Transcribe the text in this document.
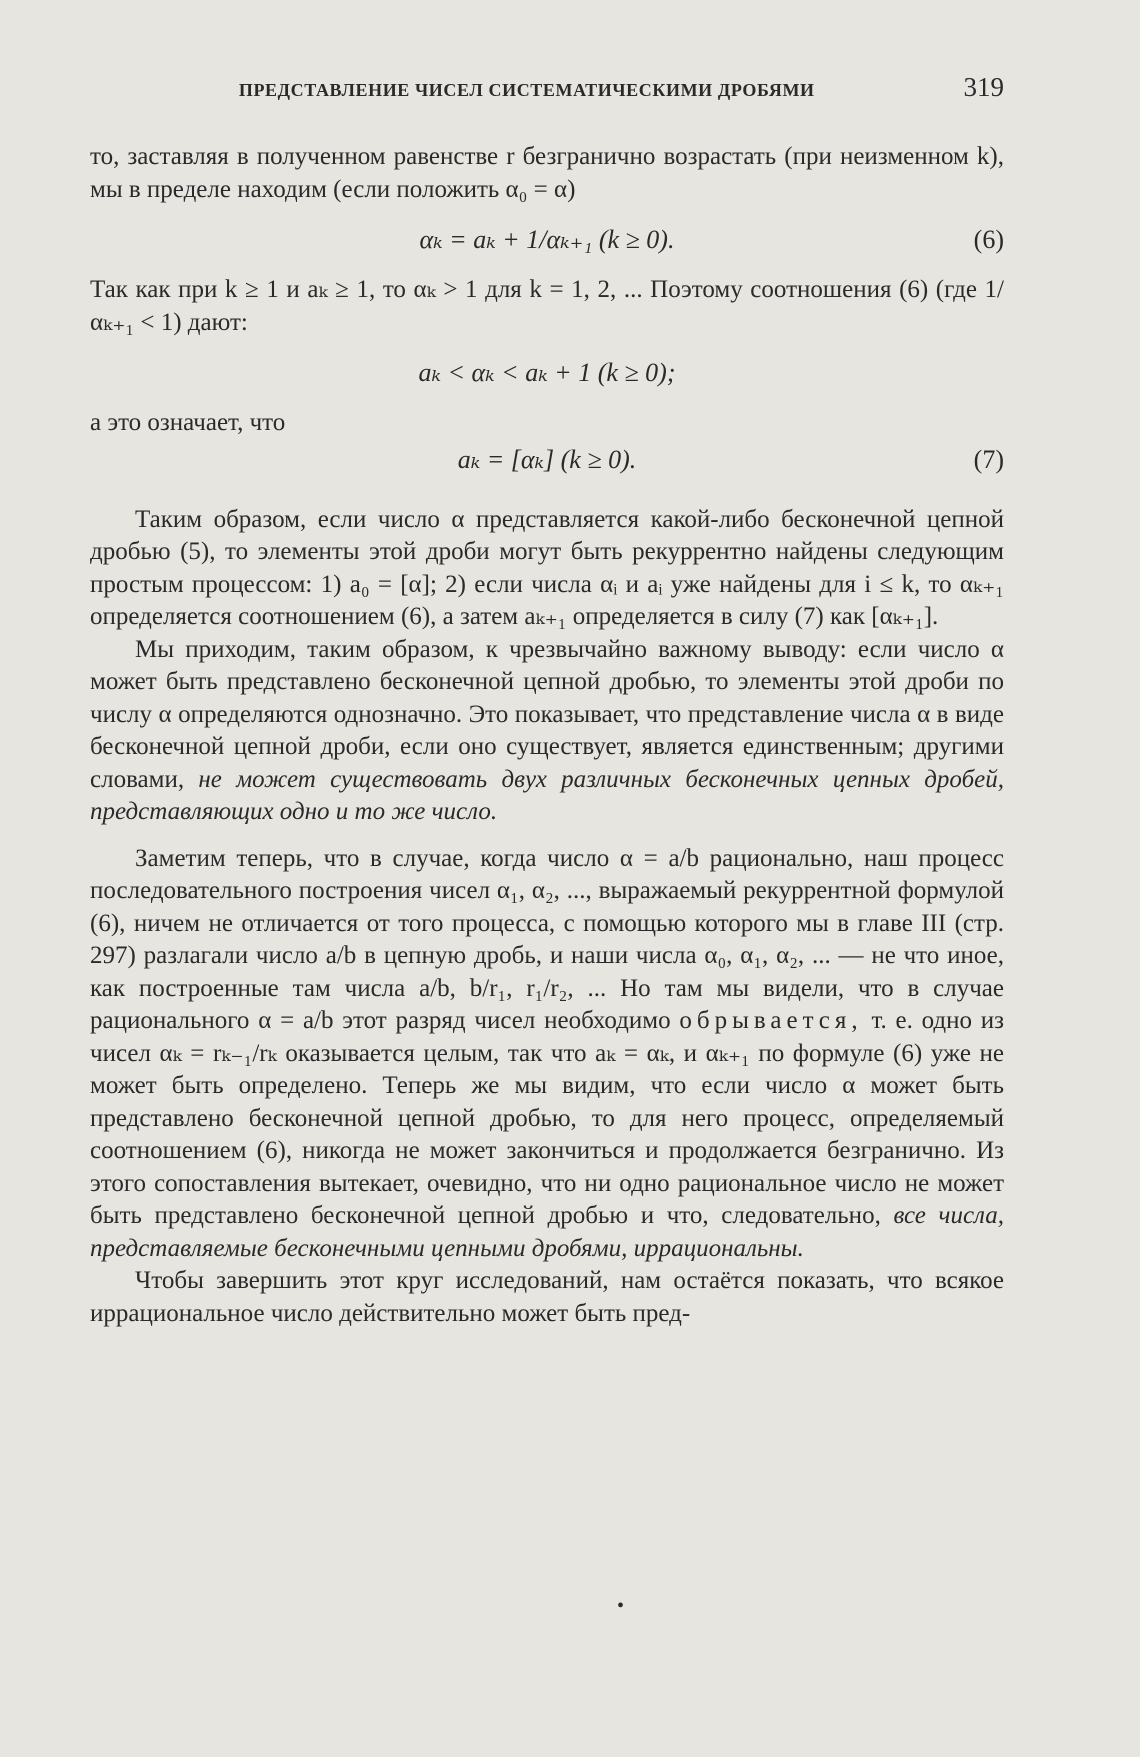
ПРЕДСТАВЛЕНИЕ ЧИСЕЛ СИСТЕМАТИЧЕСКИМИ ДРОБЯМИ	319

то, заставляя в полученном равенстве r безгранично возрастать (при неизменном k), мы в пределе находим (если положить α₀ = α)

αₖ = aₖ + 1/αₖ₊₁ (k ≥ 0).	(6)

Так как при k ≥ 1 и aₖ ≥ 1, то αₖ > 1 для k = 1, 2, ... Поэтому соотношения (6) (где 1/αₖ₊₁ < 1) дают:

aₖ < αₖ < aₖ + 1 (k ≥ 0);

а это означает, что

aₖ = [αₖ] (k ≥ 0).	(7)

Таким образом, если число α представляется какой-либо бесконечной цепной дробью (5), то элементы этой дроби могут быть рекуррентно найдены следующим простым процессом: 1) a₀ = [α]; 2) если числа αᵢ и aᵢ уже найдены для i ≤ k, то αₖ₊₁ определяется соотношением (6), а затем aₖ₊₁ определяется в силу (7) как [αₖ₊₁].

Мы приходим, таким образом, к чрезвычайно важному выводу: если число α может быть представлено бесконечной цепной дробью, то элементы этой дроби по числу α определяются однозначно. Это показывает, что представление числа α в виде бесконечной цепной дроби, если оно существует, является единственным; другими словами, не может существовать двух различных бесконечных цепных дробей, представляющих одно и то же число.

Заметим теперь, что в случае, когда число α = a/b рационально, наш процесс последовательного построения чисел α₁, α₂, ..., выражаемый рекуррентной формулой (6), ничем не отличается от того процесса, с помощью которого мы в главе III (стр. 297) разлагали число a/b в цепную дробь, и наши числа α₀, α₁, α₂, ... — не что иное, как построенные там числа a/b, b/r₁, r₁/r₂, ... Но там мы видели, что в случае рационального α = a/b этот разряд чисел необходимо обрывается, т. е. одно из чисел αₖ = rₖ₋₁/rₖ оказывается целым, так что aₖ = αₖ, и αₖ₊₁ по формуле (6) уже не может быть определено. Теперь же мы видим, что если число α может быть представлено бесконечной цепной дробью, то для него процесс, определяемый соотношением (6), никогда не может закончиться и продолжается безгранично. Из этого сопоставления вытекает, очевидно, что ни одно рациональное число не может быть представлено бесконечной цепной дробью и что, следовательно, все числа, представляемые бесконечными цепными дробями, иррациональны.

Чтобы завершить этот круг исследований, нам остаётся показать, что всякое иррациональное число действительно может быть пред-

•
